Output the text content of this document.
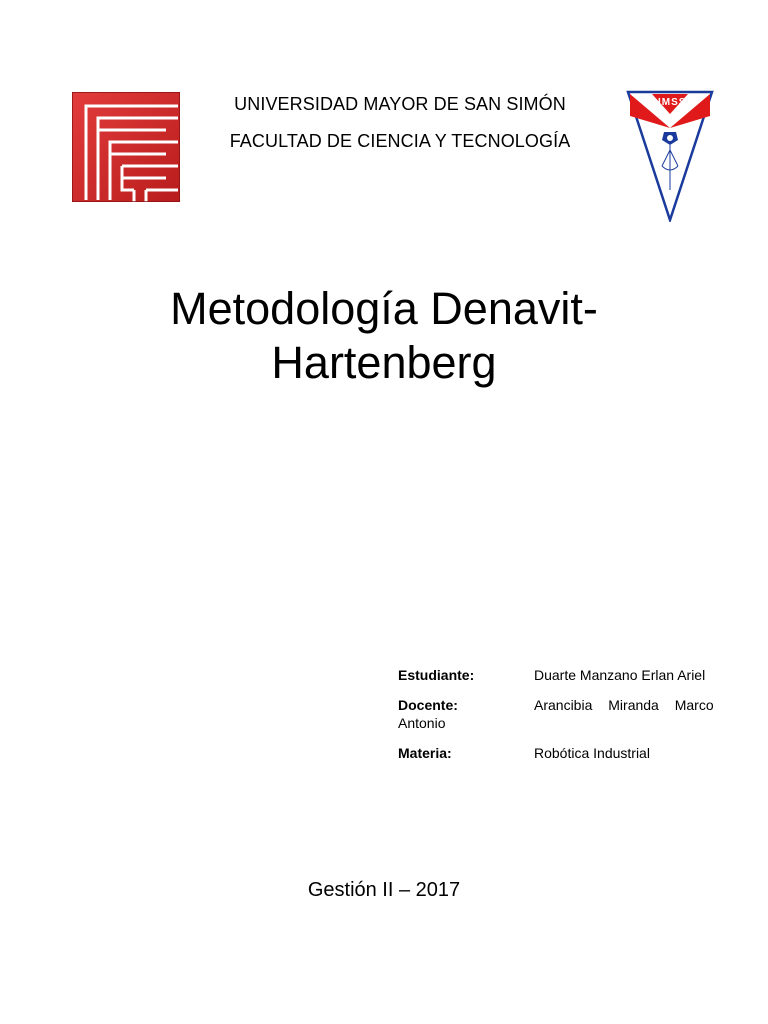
UNIVERSIDAD MAYOR DE SAN SIMÓN
FACULTAD DE CIENCIA Y TECNOLOGÍA
UMSS
Metodología Denavit-
Hartenberg
Estudiante:	Duarte Manzano Erlan Ariel
Docente:	Arancibia Miranda Marco
Antonio
Materia:	Robótica Industrial
Gestión II – 2017
